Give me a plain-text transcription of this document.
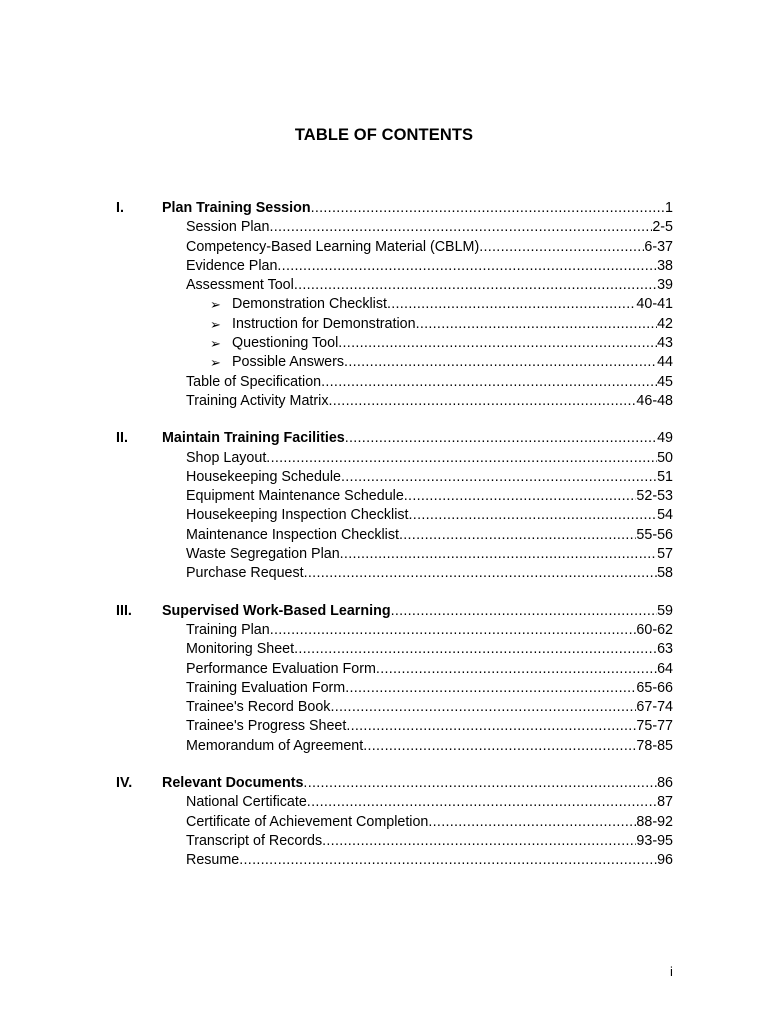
TABLE OF CONTENTS
I.	Plan Training Session .....	1
Session Plan .....	2-5
Competency-Based Learning Material (CBLM) .....	6-37
Evidence Plan .....	38
Assessment Tool .....	39
➢ Demonstration Checklist .....	40-41
➢ Instruction for Demonstration .....	42
➢ Questioning Tool .....	43
➢ Possible Answers .....	44
Table of Specification .....	45
Training Activity Matrix .....	46-48
II. Maintain Training Facilities .....	49
Shop Layout .....	50
Housekeeping Schedule .....	51
Equipment Maintenance Schedule .....	52-53
Housekeeping Inspection Checklist .....	54
Maintenance Inspection Checklist .....	55-56
Waste Segregation Plan .....	57
Purchase Request .....	58
III. Supervised Work-Based Learning .....	59
Training Plan .....	60-62
Monitoring Sheet .....	63
Performance Evaluation Form .....	64
Training Evaluation Form .....	65-66
Trainee's Record Book .....	67-74
Trainee's Progress Sheet .....	75-77
Memorandum of Agreement .....	78-85
IV. Relevant Documents .....	86
National Certificate .....	87
Certificate of Achievement Completion .....	88-92
Transcript of Records .....	93-95
Resume .....	96
i
